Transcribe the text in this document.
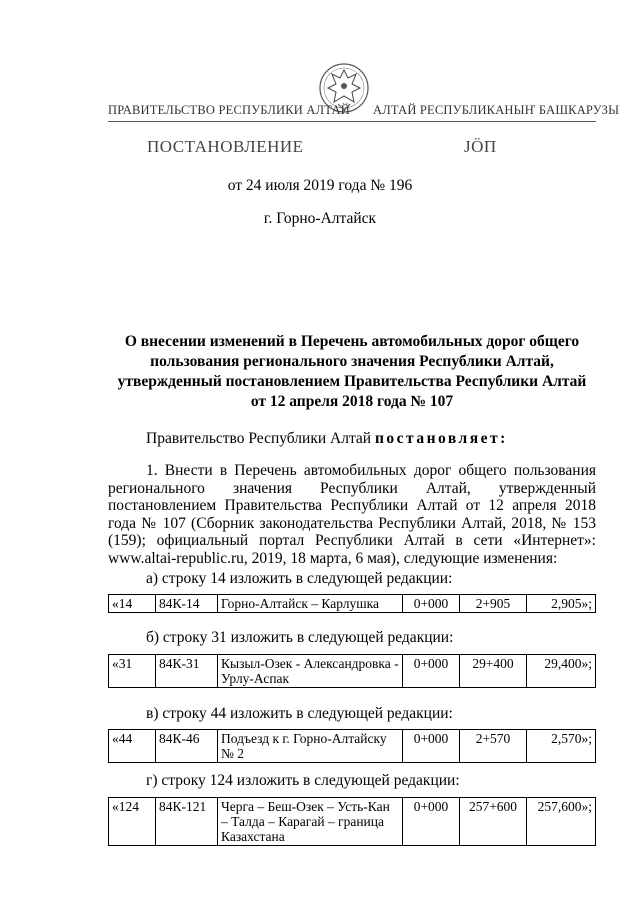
ПРАВИТЕЛЬСТВО РЕСПУБЛИКИ АЛТАЙ АЛТАЙ РЕСПУБЛИКАНЫҤ БАШКАРУЗЫ
ПОСТАНОВЛЕНИЕ	JӦП
от 24 июля 2019 года № 196
г. Горно-Алтайск
О внесении изменений в Перечень автомобильных дорог общего
пользования регионального значения Республики Алтай,
утвержденный постановлением Правительства Республики Алтай
от 12 апреля 2018 года № 107
Правительство Республики Алтай постановляет:
1. Внести в Перечень автомобильных дорог общего пользования регионального значения Республики Алтай, утвержденный постановлением Правительства Республики Алтай от 12 апреля 2018 года № 107 (Сборник законодательства Республики Алтай, 2018, № 153 (159); официальный портал Республики Алтай в сети «Интернет»: www.altai-republic.ru, 2019, 18 марта, 6 мая), следующие изменения:
а) строку 14 изложить в следующей редакции:
«14	84К-14	Горно-Алтайск – Карлушка	0+000	2+905	2,905»;
б) строку 31 изложить в следующей редакции:
«31	84К-31	Кызыл-Озек - Александровка - Урлу-Аспак	0+000	29+400	29,400»;
в) строку 44 изложить в следующей редакции:
«44	84К-46	Подъезд к г. Горно-Алтайску № 2	0+000	2+570	2,570»;
г) строку 124 изложить в следующей редакции:
«124	84К-121	Черга – Беш-Озек – Усть-Кан – Талда – Карагай – граница Казахстана	0+000	257+600	257,600»;
